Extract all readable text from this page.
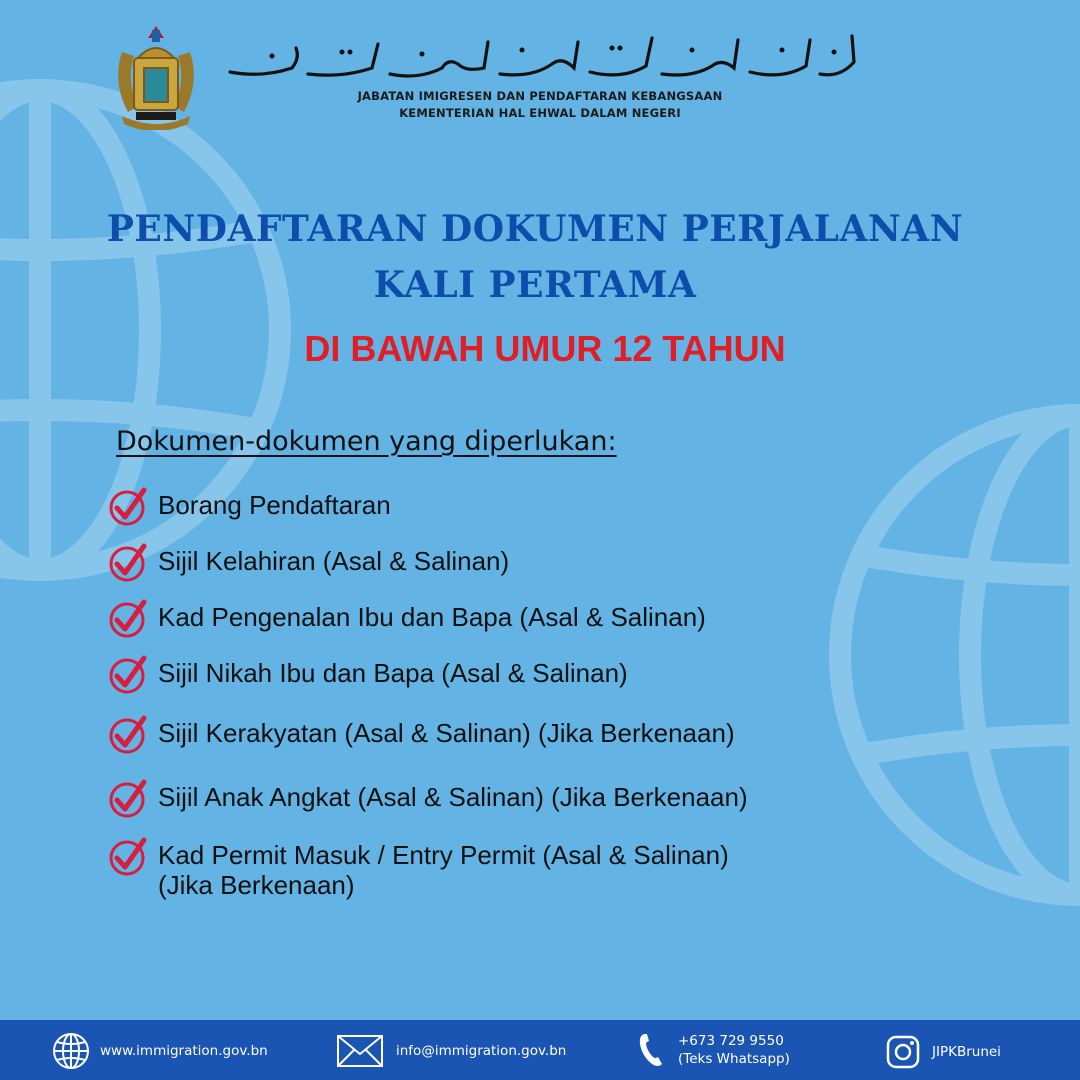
JABATAN IMIGRESEN DAN PENDAFTARAN KEBANGSAAN
KEMENTERIAN HAL EHWAL DALAM NEGERI
PENDAFTARAN DOKUMEN PERJALANAN
KALI PERTAMA
DI BAWAH UMUR 12 TAHUN
Dokumen-dokumen yang diperlukan:
Borang Pendaftaran
Sijil Kelahiran (Asal & Salinan)
Kad Pengenalan Ibu dan Bapa (Asal & Salinan)
Sijil Nikah Ibu dan Bapa (Asal & Salinan)
Sijil Kerakyatan (Asal & Salinan) (Jika Berkenaan)
Sijil Anak Angkat (Asal & Salinan) (Jika Berkenaan)
Kad Permit Masuk / Entry Permit (Asal & Salinan)
(Jika Berkenaan)
www.immigration.gov.bn	info@immigration.gov.bn
+673 729 9550
(Teks Whatsapp)	JIPKBrunei
